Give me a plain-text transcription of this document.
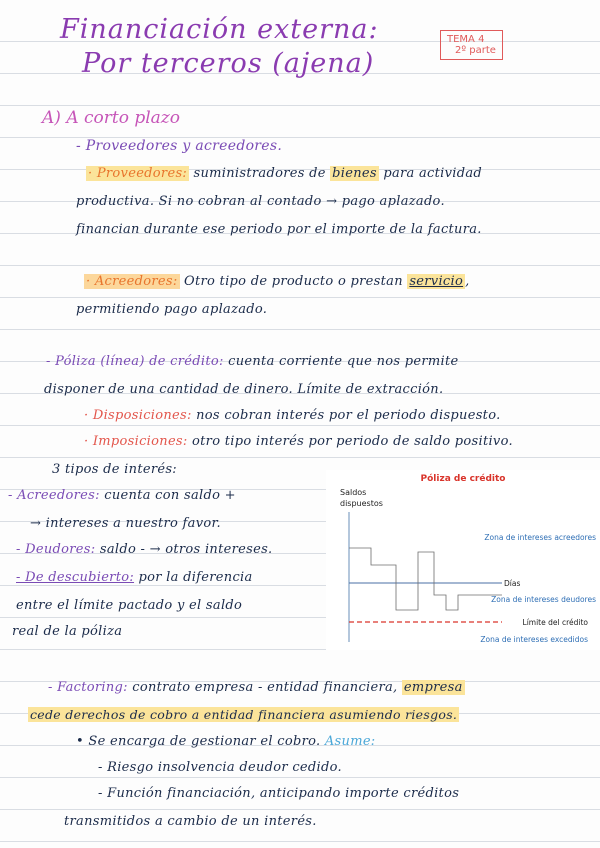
Financiación externa:
Por terceros (ajena)
TEMA 4
2º parte
A) A corto plazo
- Proveedores y acreedores.
· Proveedores: suministradores de bienes para actividad
productiva. Si no cobran al contado → pago aplazado.
financian durante ese periodo por el importe de la factura.
· Acreedores: Otro tipo de producto o prestan servicio ,
permitiendo pago aplazado.
- Póliza (línea) de crédito: cuenta corriente que nos permite
disponer de una cantidad de dinero. Límite de extracción.
· Disposiciones: nos cobran interés por el periodo dispuesto.
· Imposiciones: otro tipo interés por periodo de saldo positivo.
3 tipos de interés:
- Acreedores: cuenta con saldo +
→ intereses a nuestro favor.
- Deudores: saldo - → otros intereses.
- De descubierto: por la diferencia
entre el límite pactado y el saldo
real de la póliza
Póliza de crédito
Saldos
dispuestos
Días
Zona de intereses acreedores
Zona de intereses deudores
Límite del crédito
Zona de intereses excedidos
- Factoring: contrato empresa - entidad financiera, empresa
cede derechos de cobro a entidad financiera asumiendo riesgos.
• Se encarga de gestionar el cobro. Asume:
- Riesgo insolvencia deudor cedido.
- Función financiación, anticipando importe créditos
transmitidos a cambio de un interés.
